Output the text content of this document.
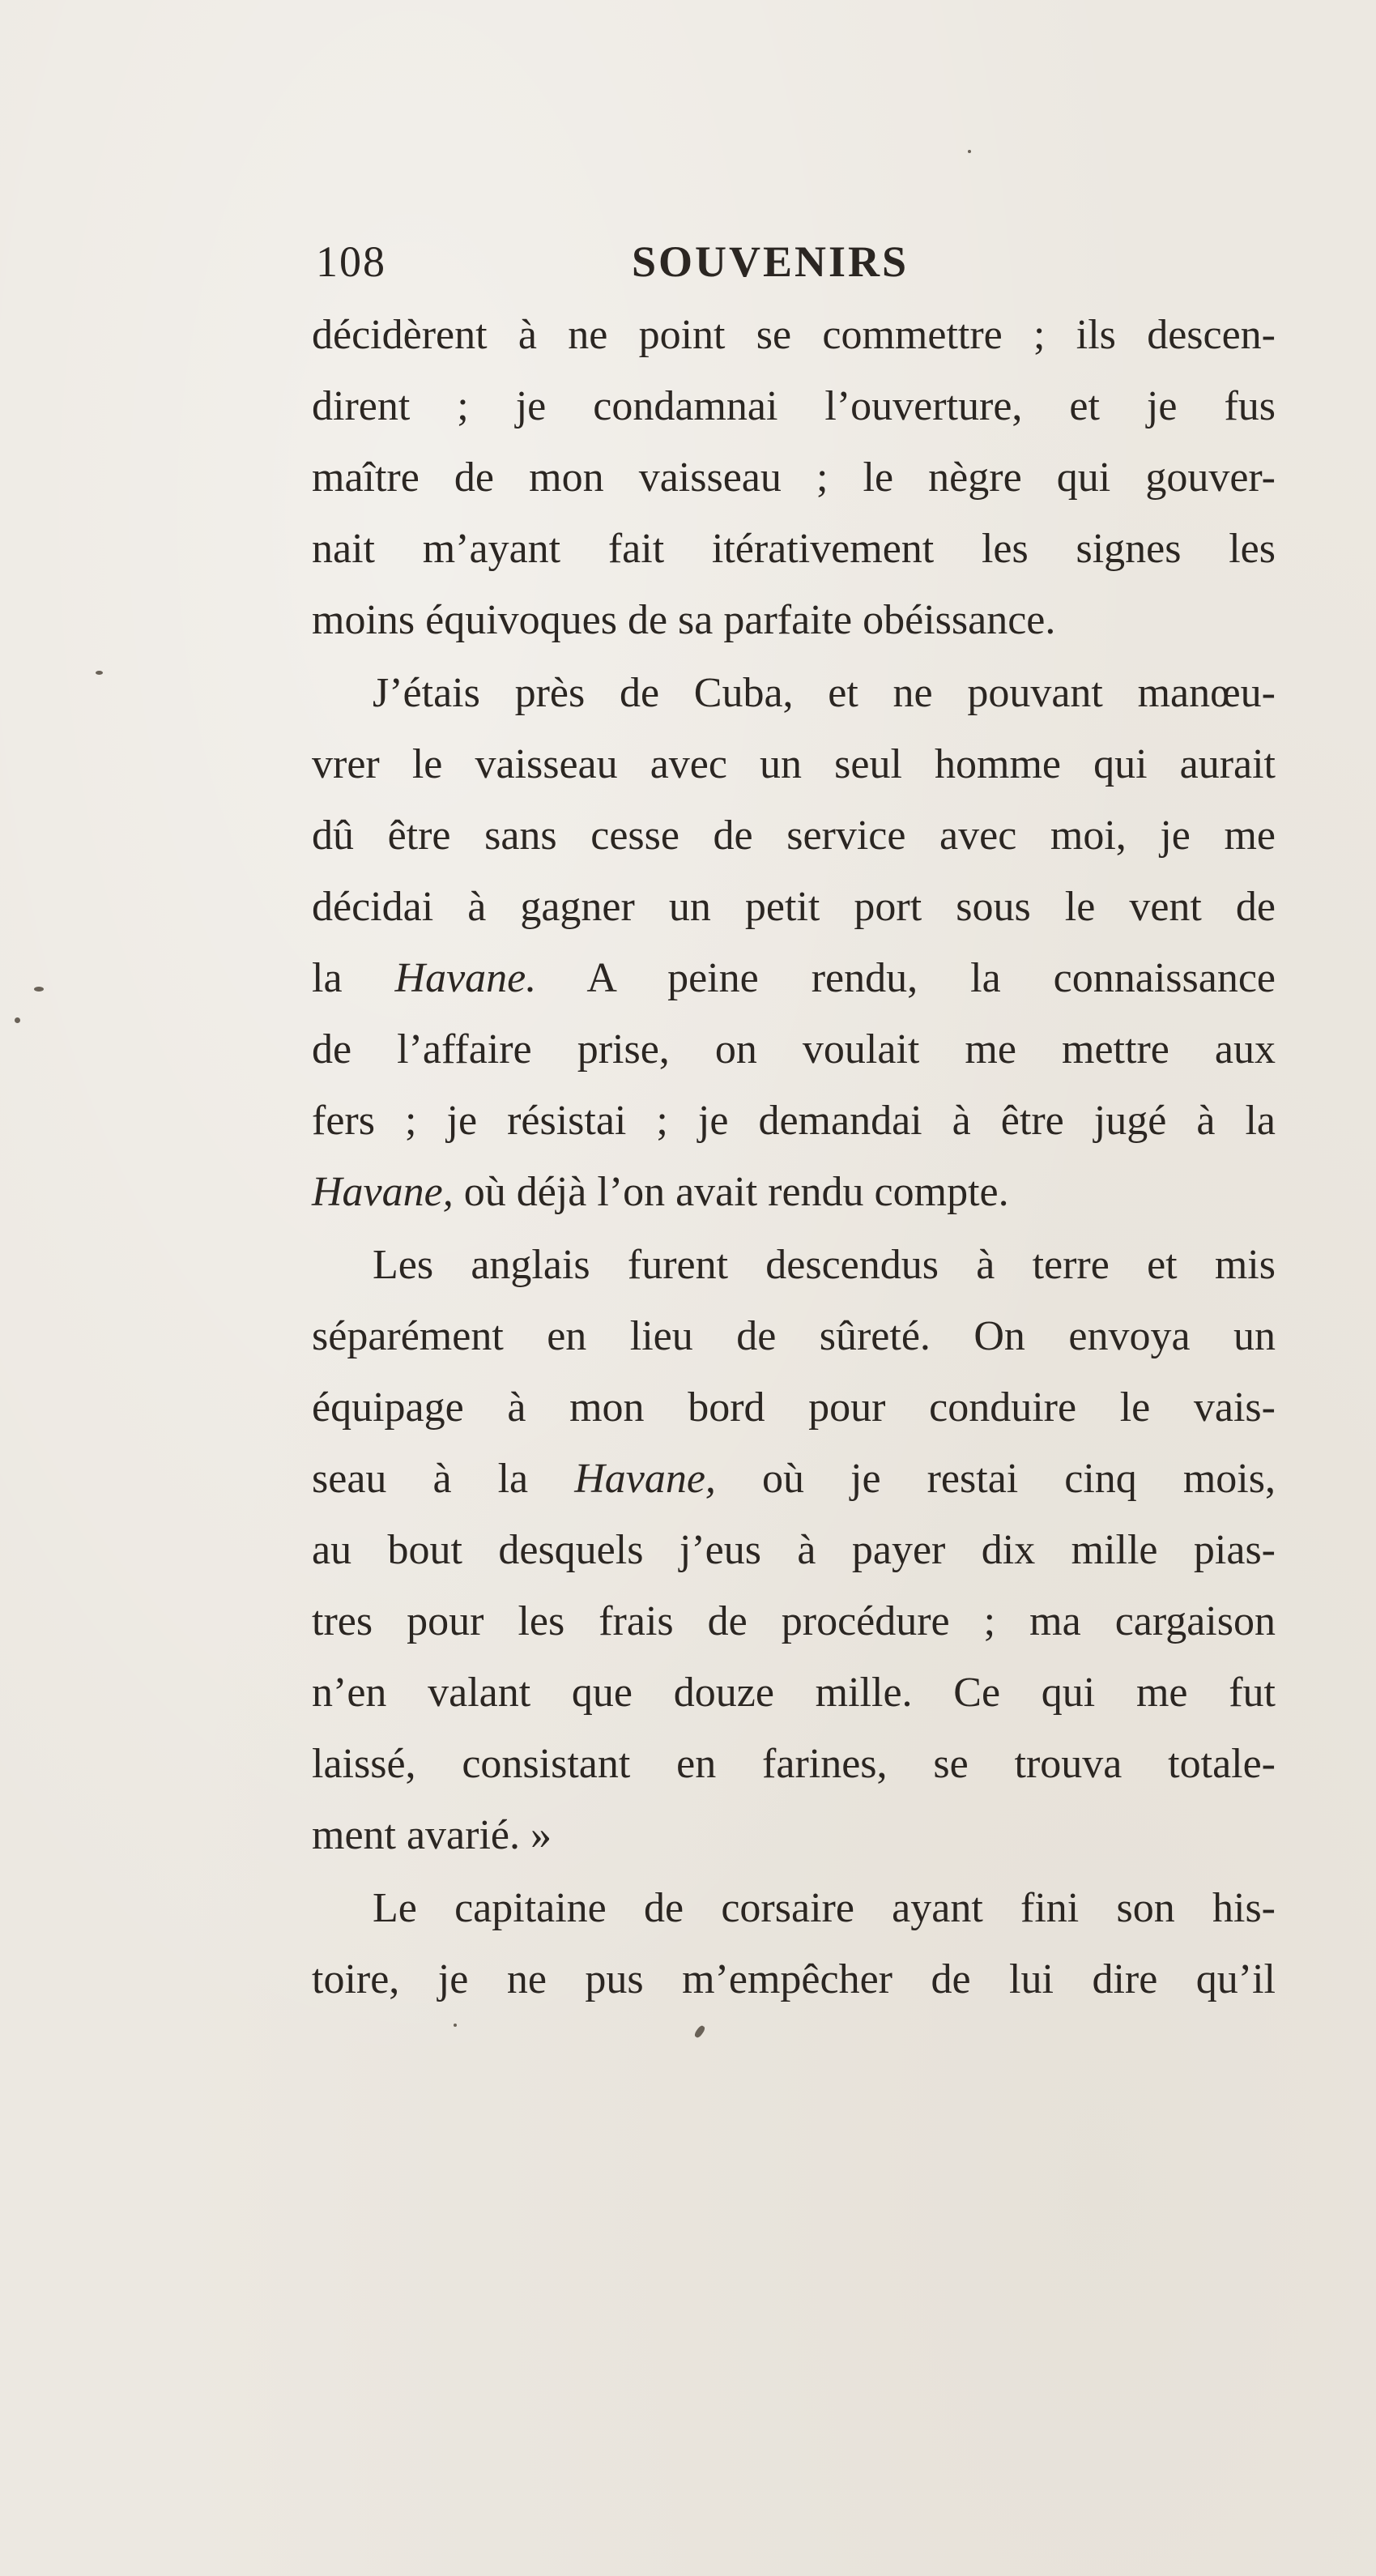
108	SOUVENIRS
décidèrent à ne point se commettre ; ils descen-
dirent ; je condamnai l’ouverture, et je fus
maître de mon vaisseau ; le nègre qui gouver-
nait m’ayant fait itérativement les signes les
moins équivoques de sa parfaite obéissance.
J’étais près de Cuba, et ne pouvant manœu-
vrer le vaisseau avec un seul homme qui aurait
dû être sans cesse de service avec moi, je me
décidai à gagner un petit port sous le vent de
la Havane. A peine rendu, la connaissance
de l’affaire prise, on voulait me mettre aux
fers ; je résistai ; je demandai à être jugé à la
Havane, où déjà l’on avait rendu compte.
Les anglais furent descendus à terre et mis
séparément en lieu de sûreté. On envoya un
équipage à mon bord pour conduire le vais-
seau à la Havane, où je restai cinq mois,
au bout desquels j’eus à payer dix mille pias-
tres pour les frais de procédure ; ma cargaison
n’en valant que douze mille. Ce qui me fut
laissé, consistant en farines, se trouva totale-
ment avarié. »
Le capitaine de corsaire ayant fini son his-
toire, je ne pus m’empêcher de lui dire qu’il
